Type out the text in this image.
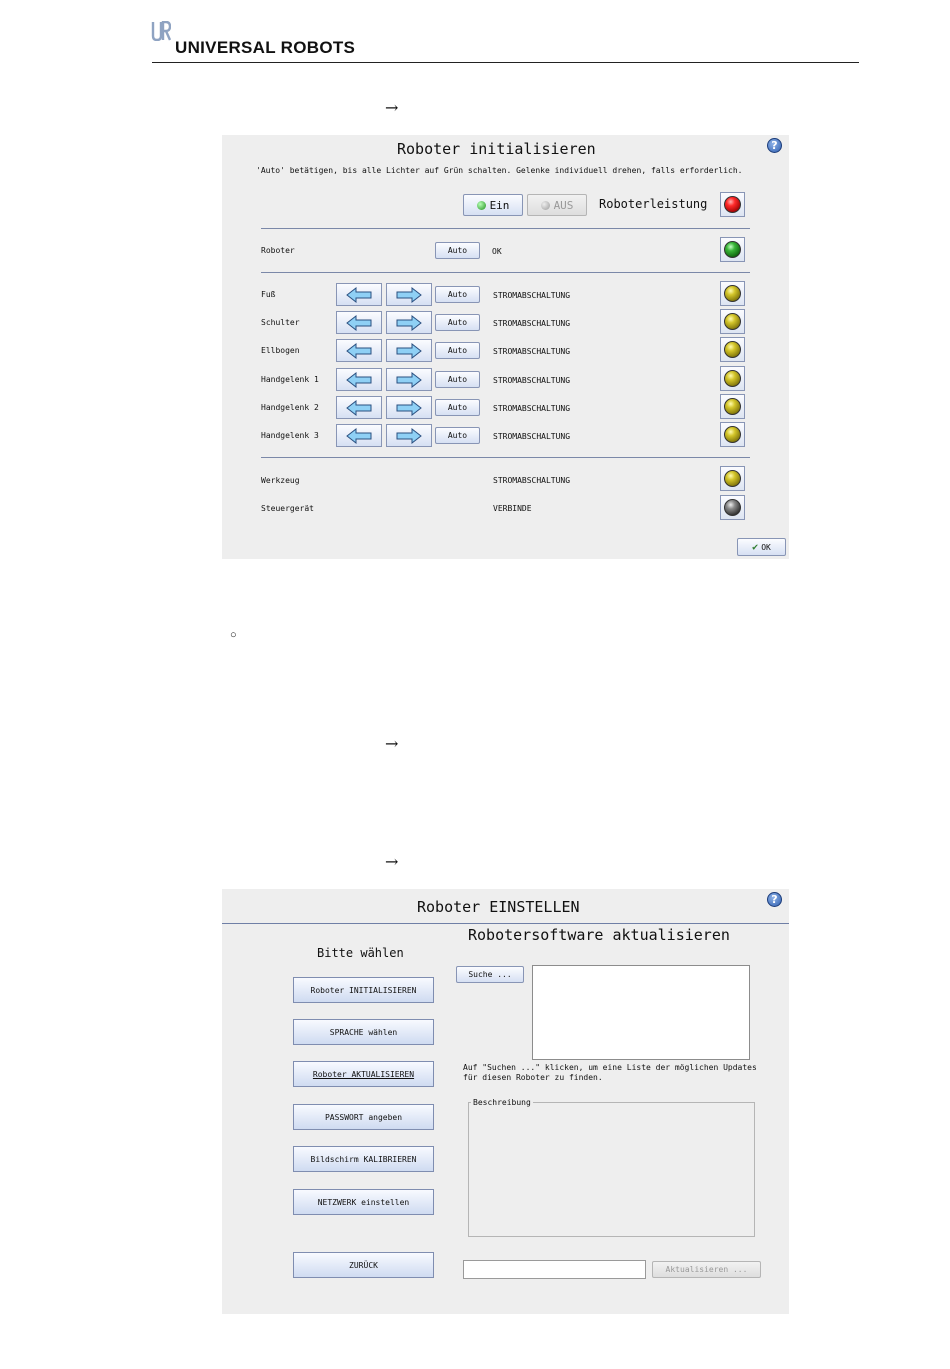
UNIVERSAL ROBOTS
→
Roboter initialisieren	?
'Auto' betätigen, bis alle Lichter auf Grün schalten. Gelenke individuell drehen, falls erforderlich.
Ein	AUS Roboterleistung
Roboter	Auto	OK
Fuß	Auto	STROMABSCHALTUNG
Schulter	Auto	STROMABSCHALTUNG
Ellbogen	Auto	STROMABSCHALTUNG
Handgelenk 1	Auto	STROMABSCHALTUNG
Handgelenk 2	Auto	STROMABSCHALTUNG
Handgelenk 3	Auto	STROMABSCHALTUNG
Werkzeug	STROMABSCHALTUNG
Steuergerät	VERBINDE
✔ OK
○
→
→
Roboter EINSTELLEN	?
Bitte wählen
Robotersoftware aktualisieren
Roboter INITIALISIEREN
SPRACHE wählen
Roboter AKTUALISIEREN
PASSWORT angeben
Bildschirm KALIBRIEREN
NETZWERK einstellen
ZURÜCK
Suche ...
Auf "Suchen ..." klicken, um eine Liste der möglichen Updates
für diesen Roboter zu finden.
Beschreibung
Aktualisieren ...
